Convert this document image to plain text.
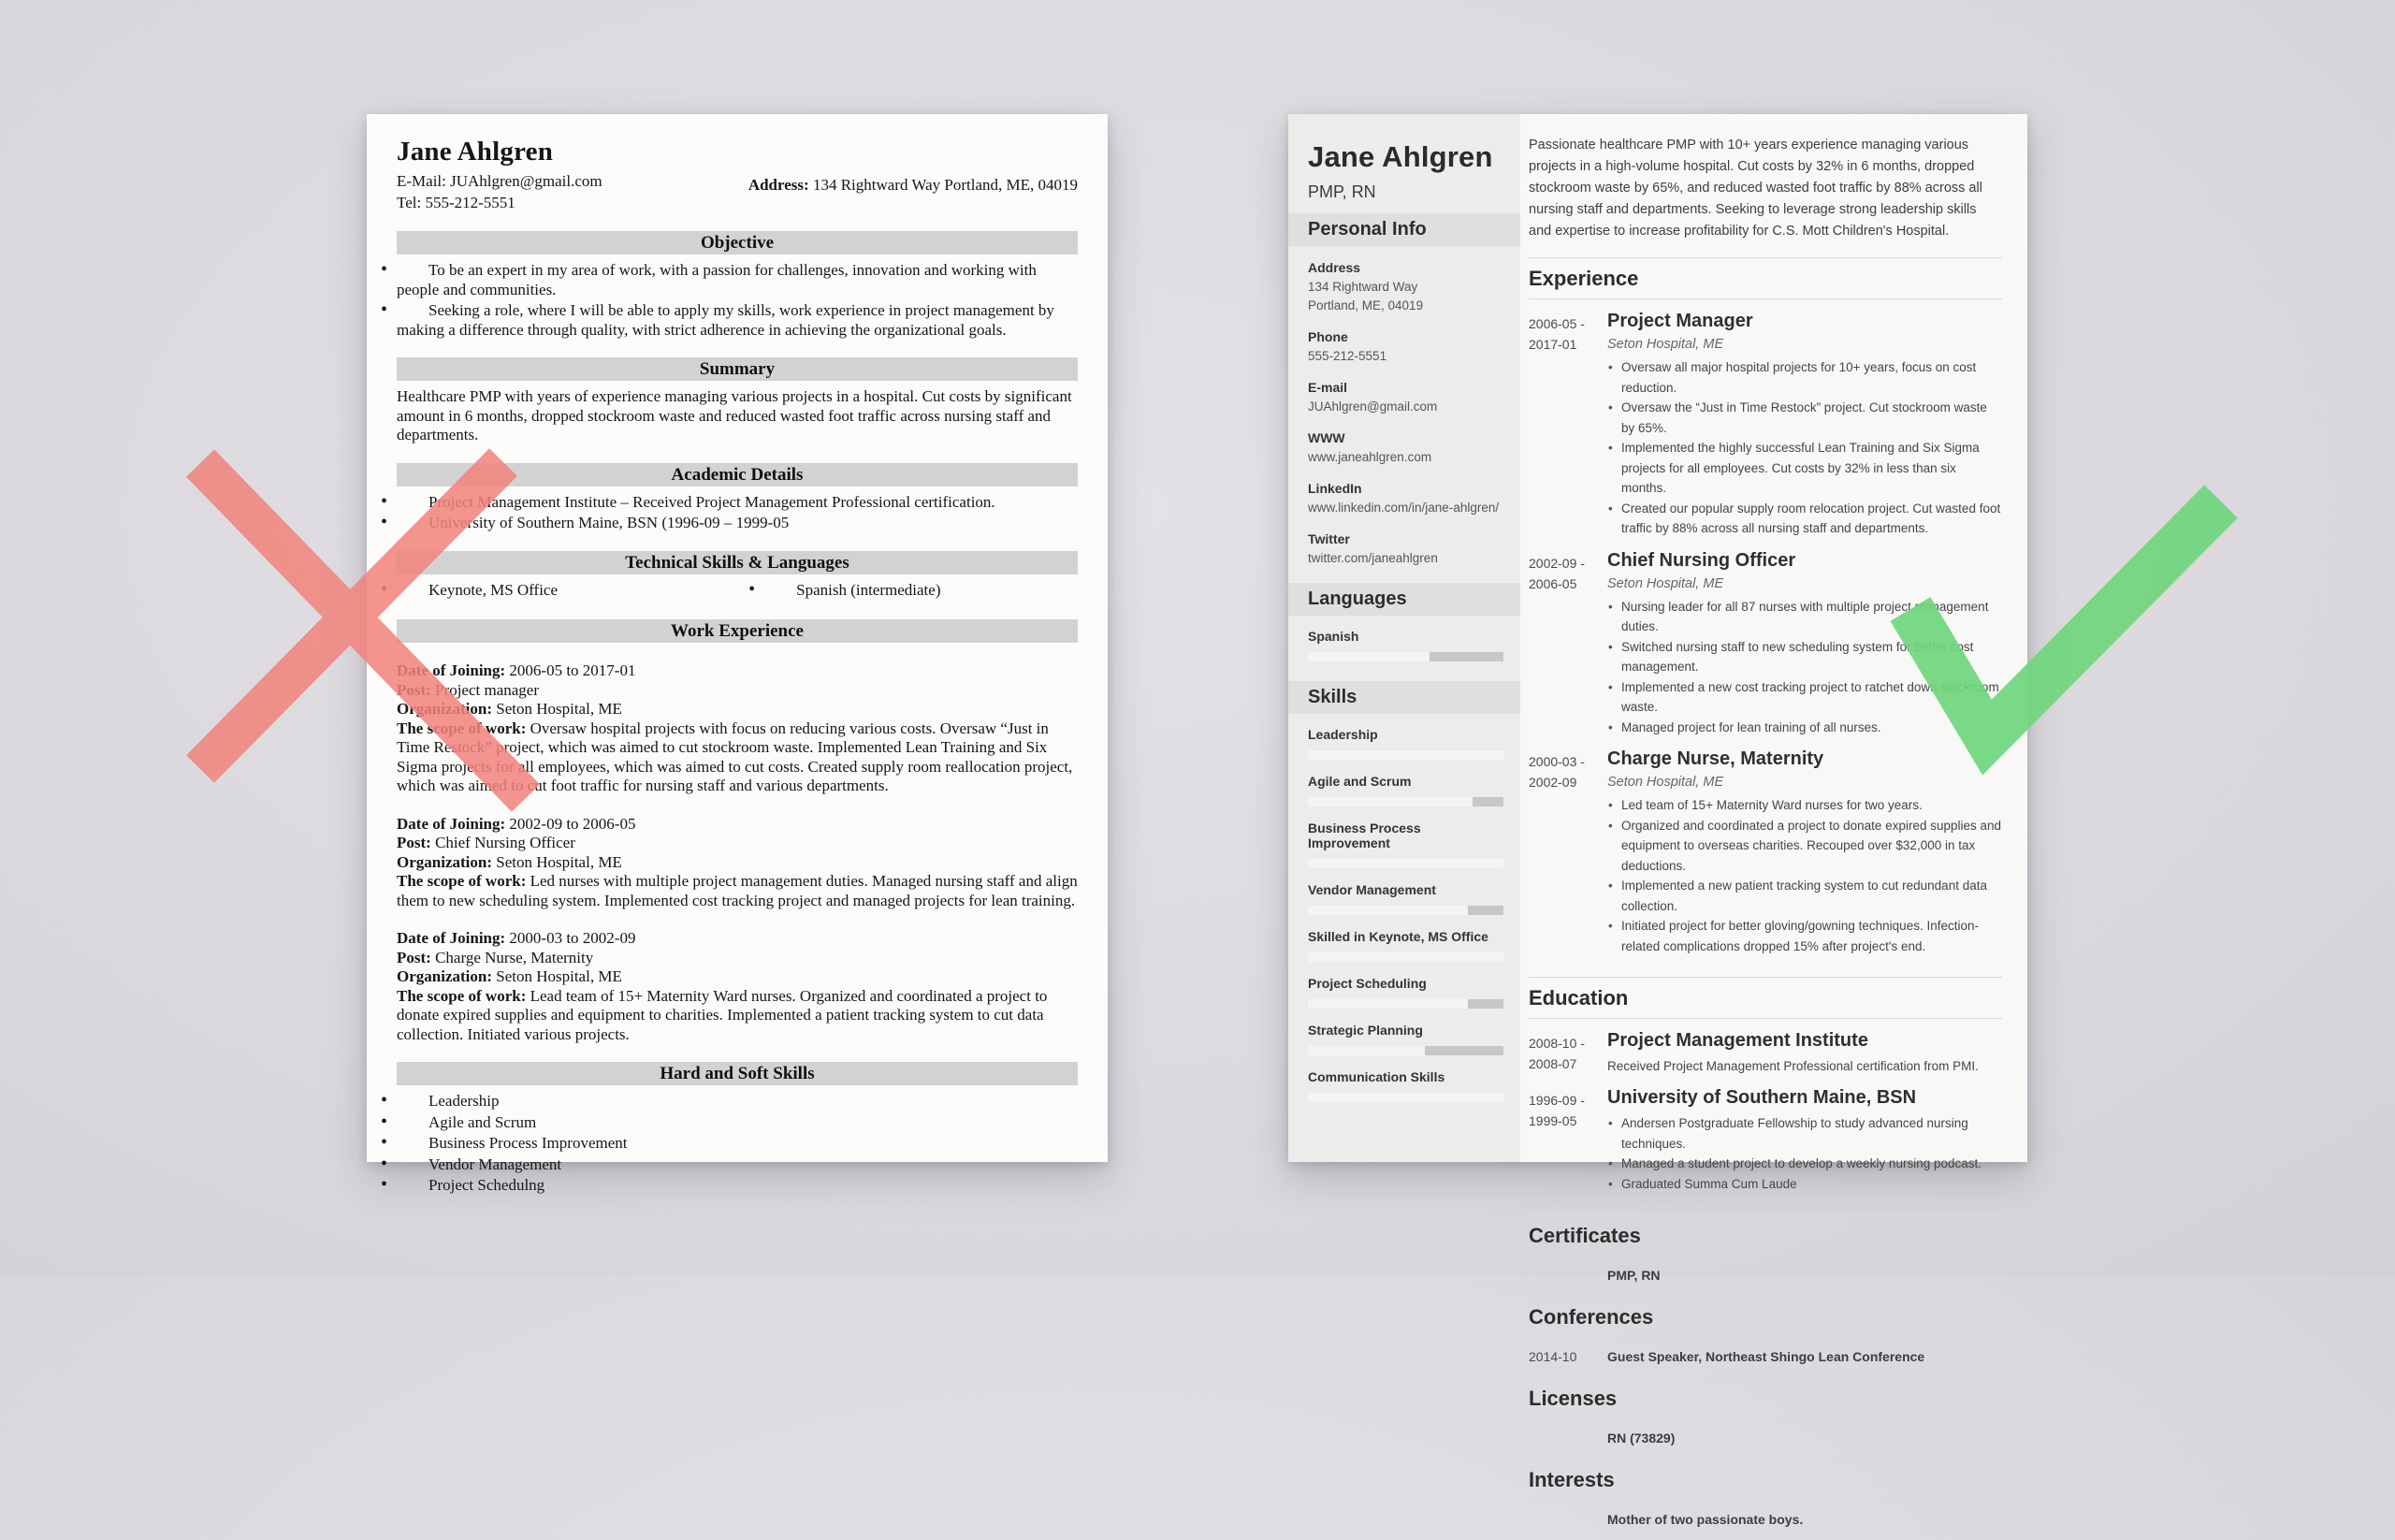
Jane Ahlgren
E-Mail: JUAhlgren@gmail.com
Tel: 555-212-5551
Address: 134 Rightward Way Portland, ME, 04019
Objective
• To be an expert in my area of work, with a passion for challenges, innovation and working with people and communities.
• Seeking a role, where I will be able to apply my skills, work experience in project management by making a difference through quality, with strict adherence in achieving the organizational goals.
Summary

Healthcare PMP with years of experience managing various projects in a hospital. Cut costs by significant amount in 6 months, dropped stockroom waste and reduced wasted foot traffic across nursing staff and departments.

Academic Details
• Project Management Institute – Received Project Management Professional certification.
• University of Southern Maine, BSN (1996-09 – 1999-05
Technical Skills & Languages
• Keynote, MS Office	• Spanish (intermediate)
Work Experience

Date of Joining: 2006-05 to 2017-01

Post: Project manager

Organization: Seton Hospital, ME

The scope of work: Oversaw hospital projects with focus on reducing various costs. Oversaw “Just in Time Restock” project, which was aimed to cut stockroom waste. Implemented Lean Training and Six Sigma projects for all employees, which was aimed to cut costs. Created supply room reallocation project, which was aimed to cut foot traffic for nursing staff and various departments.

Date of Joining: 2002-09 to 2006-05

Post: Chief Nursing Officer

Organization: Seton Hospital, ME

The scope of work: Led nurses with multiple project management duties. Managed nursing staff and align them to new scheduling system. Implemented cost tracking project and managed projects for lean training.

Date of Joining: 2000-03 to 2002-09

Post: Charge Nurse, Maternity

Organization: Seton Hospital, ME

The scope of work: Lead team of 15+ Maternity Ward nurses. Organized and coordinated a project to donate expired supplies and equipment to charities. Implemented a patient tracking system to cut data collection. Initiated various projects.

Hard and Soft Skills
• Leadership
• Agile and Scrum
• Business Process Improvement
• Vendor Management
• Project Schedulng
Jane Ahlgren
PMP, RN
Personal Info
Address
134 Rightward Way
Portland, ME, 04019
Phone
555-212-5551
E-mail
JUAhlgren@gmail.com
WWW
www.janeahlgren.com
LinkedIn
www.linkedin.com/in/jane-ahlgren/
Twitter
twitter.com/janeahlgren
Languages
Spanish
Skills
Leadership
Agile and Scrum
Business Process Improvement
Vendor Management
Skilled in Keynote, MS Office
Project Scheduling
Strategic Planning
Communication Skills

Passionate healthcare PMP with 10+ years experience managing various projects in a high-volume hospital. Cut costs by 32% in 6 months, dropped stockroom waste by 65%, and reduced wasted foot traffic by 88% across all nursing staff and departments. Seeking to leverage strong leadership skills and expertise to increase profitability for C.S. Mott Children's Hospital.

Experience
2006-05 -
2017-01
Project Manager
Seton Hospital, ME
• Oversaw all major hospital projects for 10+ years, focus on cost reduction.
• Oversaw the “Just in Time Restock” project. Cut stockroom waste by 65%.
• Implemented the highly successful Lean Training and Six Sigma projects for all employees. Cut costs by 32% in less than six months.
• Created our popular supply room relocation project. Cut wasted foot traffic by 88% across all nursing staff and departments.
2002-09 -
2006-05
Chief Nursing Officer
Seton Hospital, ME
• Nursing leader for all 87 nurses with multiple project management duties.
• Switched nursing staff to new scheduling system for better cost management.
• Implemented a new cost tracking project to ratchet down stockroom waste.
• Managed project for lean training of all nurses.
2000-03 -
2002-09
Charge Nurse, Maternity
Seton Hospital, ME
• Led team of 15+ Maternity Ward nurses for two years.
• Organized and coordinated a project to donate expired supplies and equipment to overseas charities. Recouped over $32,000 in tax deductions.
• Implemented a new patient tracking system to cut redundant data collection.
• Initiated project for better gloving/gowning techniques. Infection-related complications dropped 15% after project's end.
Education
2008-10 -
2008-07
Project Management Institute

Received Project Management Professional certification from PMI.

1996-09 -
1999-05
University of Southern Maine, BSN
• Andersen Postgraduate Fellowship to study advanced nursing techniques.
• Managed a student project to develop a weekly nursing podcast.
• Graduated Summa Cum Laude
Certificates
PMP, RN
Conferences
2014-10	Guest Speaker, Northeast Shingo Lean Conference
Licenses
RN (73829)
Interests
Mother of two passionate boys.
